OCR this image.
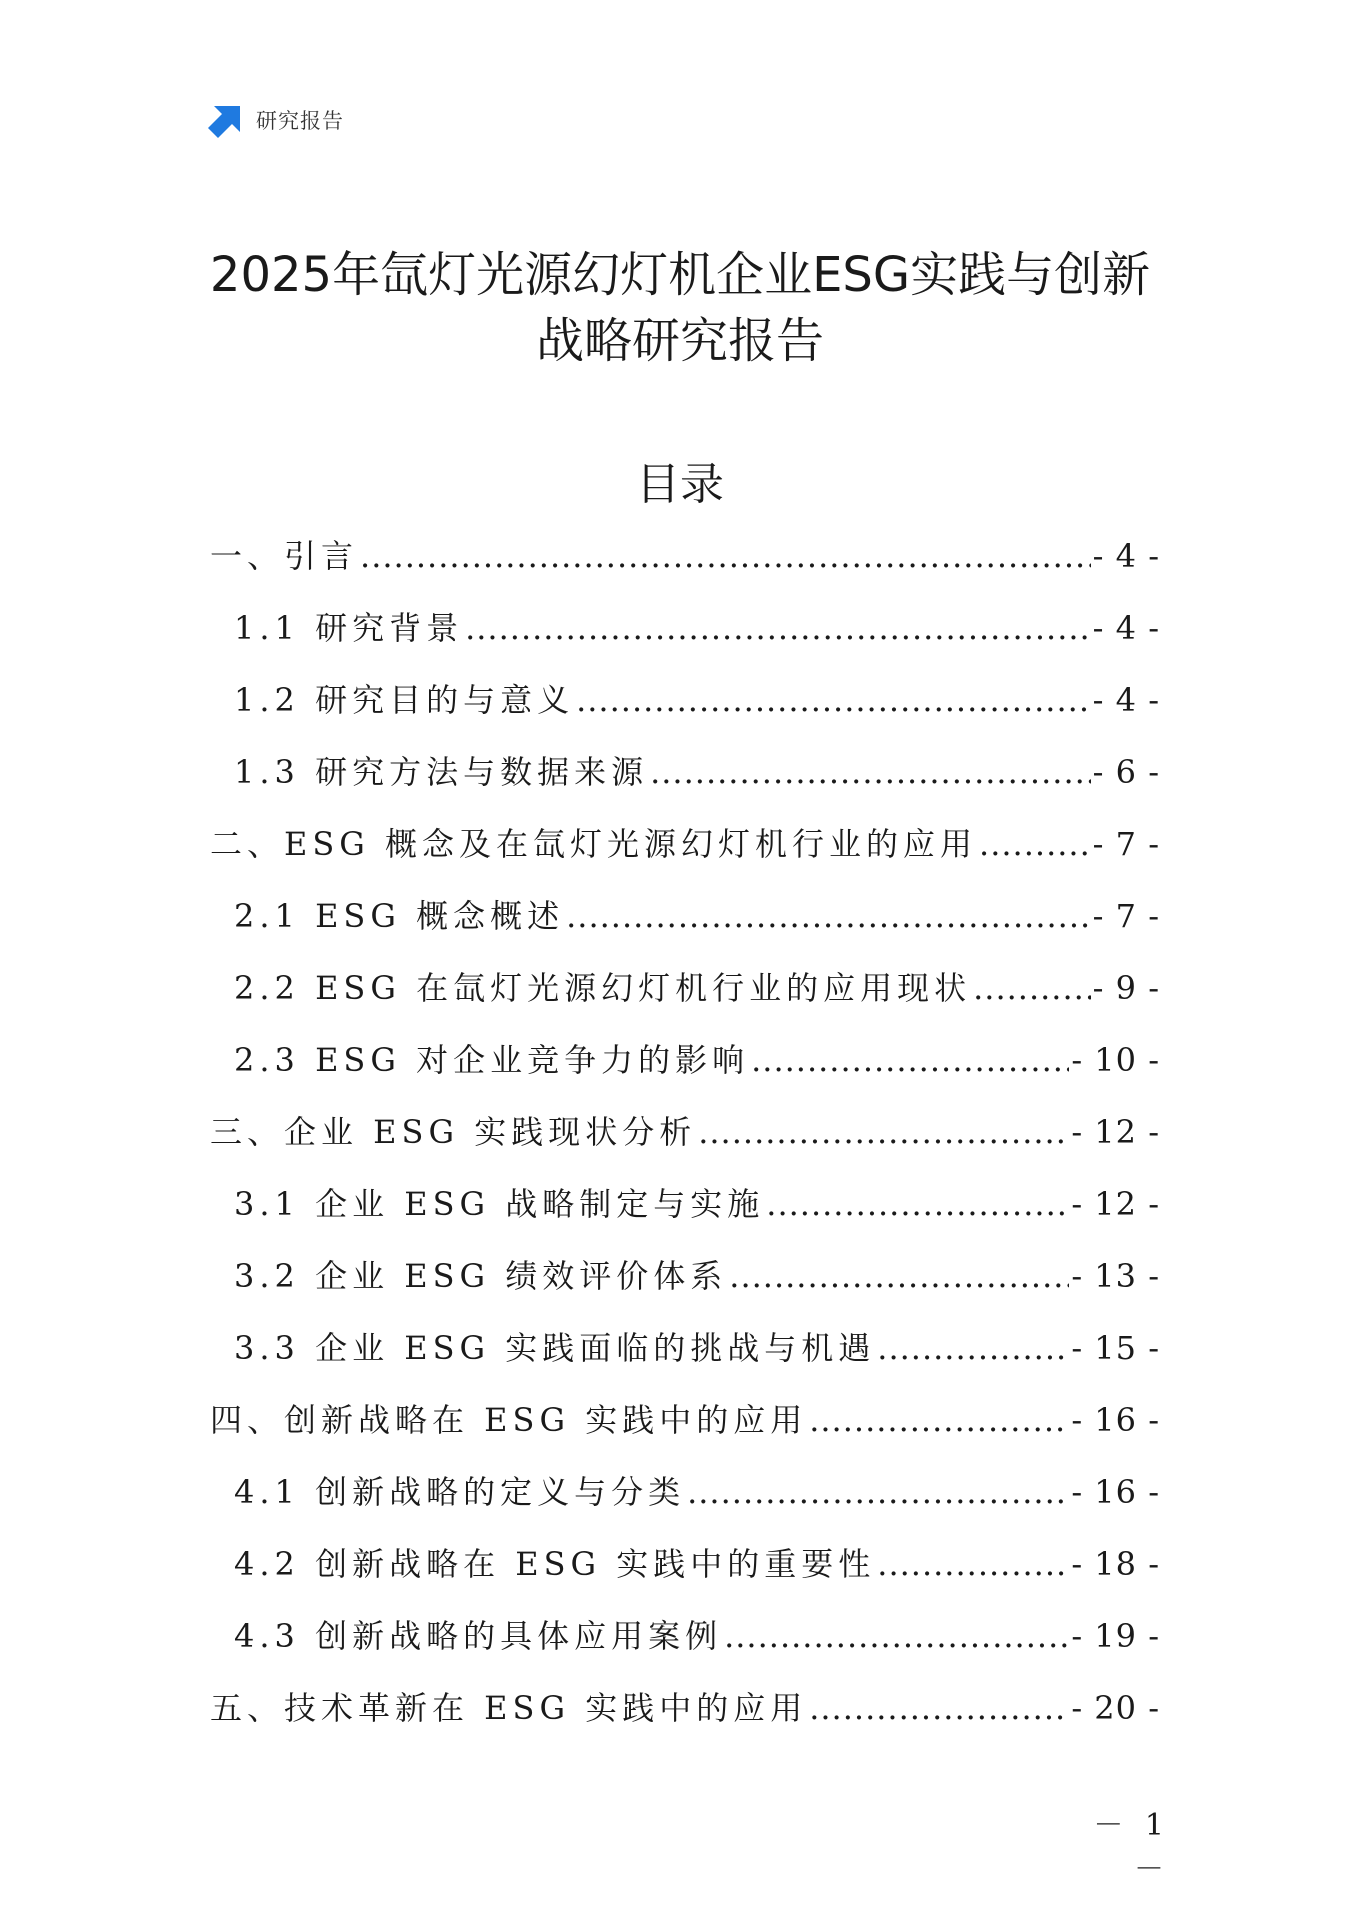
研究报告
2025年氙灯光源幻灯机企业ESG实践与创新
战略研究报告
目录
一、引言 .....	- 4 -
1.1 研究背景 .....	- 4 -
1.2 研究目的与意义 .....	- 4 -
1.3 研究方法与数据来源 .....	- 6 -
二、ESG 概念及在氙灯光源幻灯机行业的应用 .....	- 7 -
2.1 ESG 概念概述 .....	- 7 -
2.2 ESG 在氙灯光源幻灯机行业的应用现状 .....	- 9 -
2.3 ESG 对企业竞争力的影响 .....	- 10 -
三、企业 ESG 实践现状分析 .....	- 12 -
3.1 企业 ESG 战略制定与实施 .....	- 12 -
3.2 企业 ESG 绩效评价体系 .....	- 13 -
3.3 企业 ESG 实践面临的挑战与机遇 .....	- 15 -
四、创新战略在 ESG 实践中的应用 .....	- 16 -
4.1 创新战略的定义与分类 .....	- 16 -
4.2 创新战略在 ESG 实践中的重要性 .....	- 18 -
4.3 创新战略的具体应用案例 .....	- 19 -
五、技术革新在 ESG 实践中的应用 .....	- 20 -
－ 1 －
